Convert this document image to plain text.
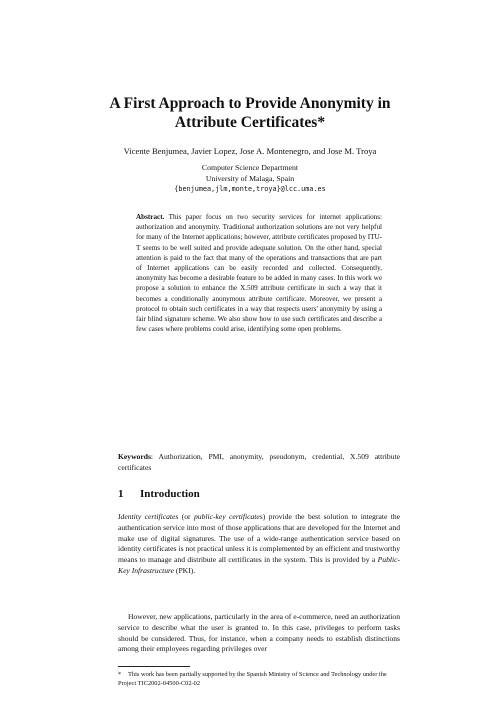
A First Approach to Provide Anonymity in
Attribute Certificates*
Vicente Benjumea, Javier Lopez, Jose A. Montenegro, and Jose M. Troya
Computer Science Department
University of Malaga, Spain
{benjumea,jlm,monte,troya}@lcc.uma.es
Abstract. This paper focus on two security services for internet applications: authorization and anonymity. Traditional authorization solutions are not very helpful for many of the Internet applications; however, attribute certificates proposed by ITU-T seems to be well suited and provide adequate solution. On the other hand, special attention is paid to the fact that many of the operations and transactions that are part of Internet applications can be easily recorded and collected. Consequently, anonymity has become a desirable feature to be added in many cases. In this work we propose a solution to enhance the X.509 attribute certificate in such a way that it becomes a conditionally anonymous attribute certificate. Moreover, we present a protocol to obtain such certificates in a way that respects users' anonymity by using a fair blind signature scheme. We also show how to use such certificates and describe a few cases where problems could arise, identifying some open problems.
Keywords: Authorization, PMI, anonymity, pseudonym, credential, X.509 attribute certificates
1 Introduction
Identity certificates (or public-key certificates) provide the best solution to integrate the authentication service into most of those applications that are developed for the Internet and make use of digital signatures. The use of a wide-range authentication service based on identity certificates is not practical unless it is complemented by an efficient and trustworthy means to manage and distribute all certificates in the system. This is provided by a Public-Key Infrastructure (PKI).
However, new applications, particularly in the area of e-commerce, need an authorization service to describe what the user is granted to. In this case, privileges to perform tasks should be considered. Thus, for instance, when a company needs to establish distinctions among their employees regarding privileges over
* This work has been partially supported by the Spanish Ministry of Science and Technology under the Project TIC2002-04500-C02-02
